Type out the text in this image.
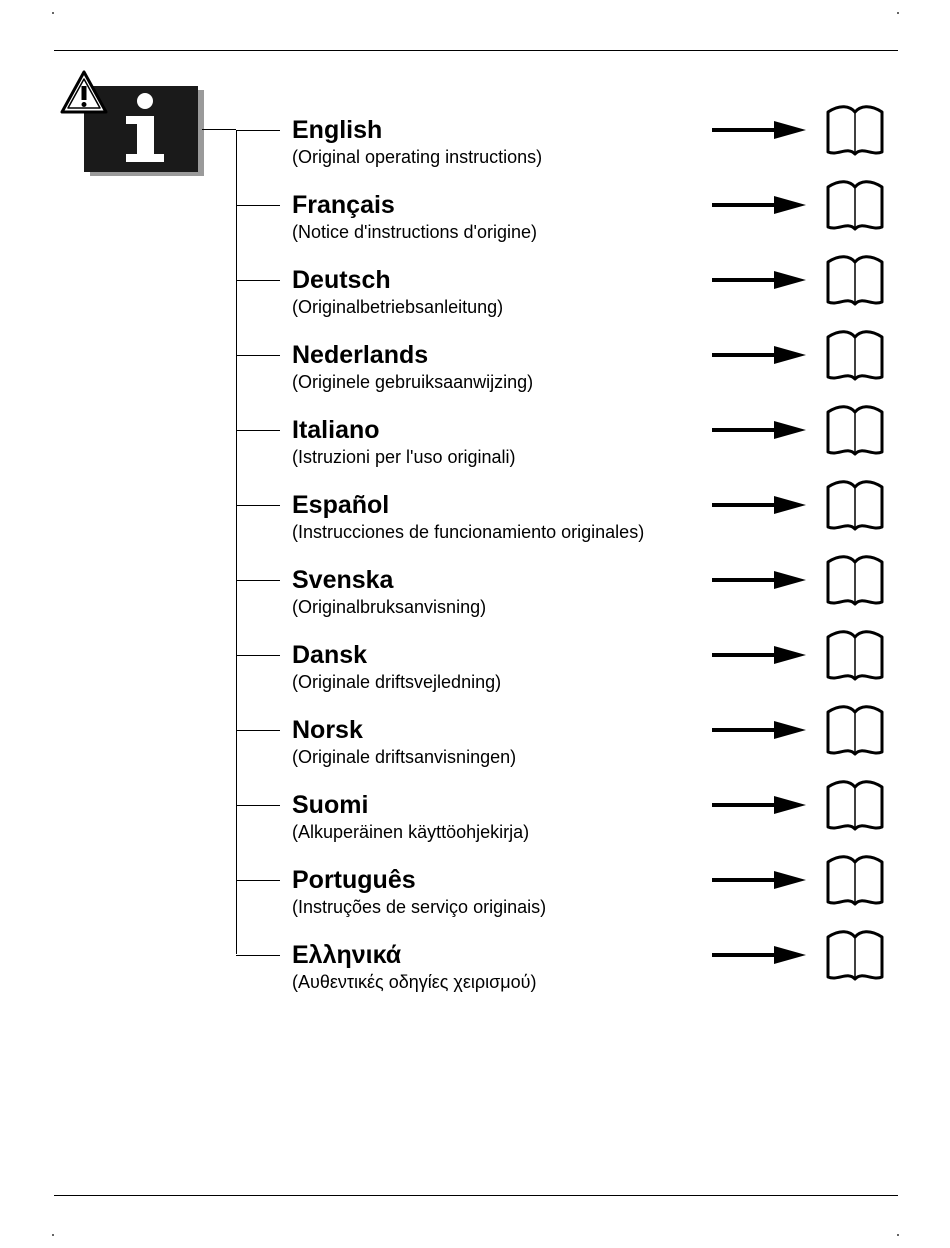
English
(Original operating instructions)
Français
(Notice d'instructions d'origine)
Deutsch
(Originalbetriebsanleitung)
Nederlands
(Originele gebruiksaanwijzing)
Italiano
(Istruzioni per l'uso originali)
Español
(Instrucciones de funcionamiento originales)
Svenska
(Originalbruksanvisning)
Dansk
(Originale driftsvejledning)
Norsk
(Originale driftsanvisningen)
Suomi
(Alkuperäinen käyttöohjekirja)
Português
(Instruções de serviço originais)
Ελληνικά
(Αυθεντικές οδηγίες χειρισμού)
